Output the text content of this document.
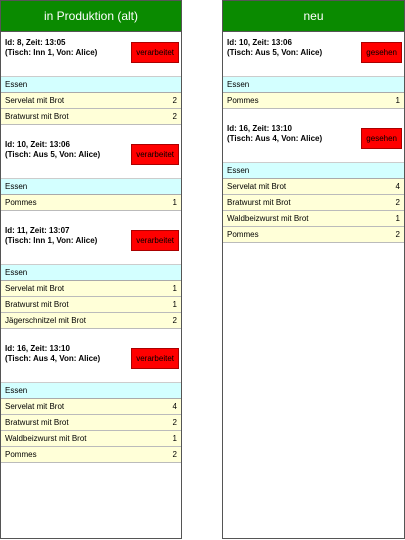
in Produktion (alt)
Id: 8, Zeit: 13:05
(Tisch: Inn 1, Von: Alice)	verarbeitet
Essen
Servelat mit Brot	2
Bratwurst mit Brot	2
Id: 10, Zeit: 13:06
(Tisch: Aus 5, Von: Alice)	verarbeitet
Essen
Pommes	1
Id: 11, Zeit: 13:07
(Tisch: Inn 1, Von: Alice)	verarbeitet
Essen
Servelat mit Brot	1
Bratwurst mit Brot	1
Jägerschnitzel mit Brot	2
Id: 16, Zeit: 13:10
(Tisch: Aus 4, Von: Alice)	verarbeitet
Essen
Servelat mit Brot	4
Bratwurst mit Brot	2
Waldbeizwurst mit Brot	1
Pommes	2
neu
Id: 10, Zeit: 13:06
(Tisch: Aus 5, Von: Alice)	gesehen
Essen
Pommes	1
Id: 16, Zeit: 13:10
(Tisch: Aus 4, Von: Alice)	gesehen
Essen
Servelat mit Brot	4
Bratwurst mit Brot	2
Waldbeizwurst mit Brot	1
Pommes	2
